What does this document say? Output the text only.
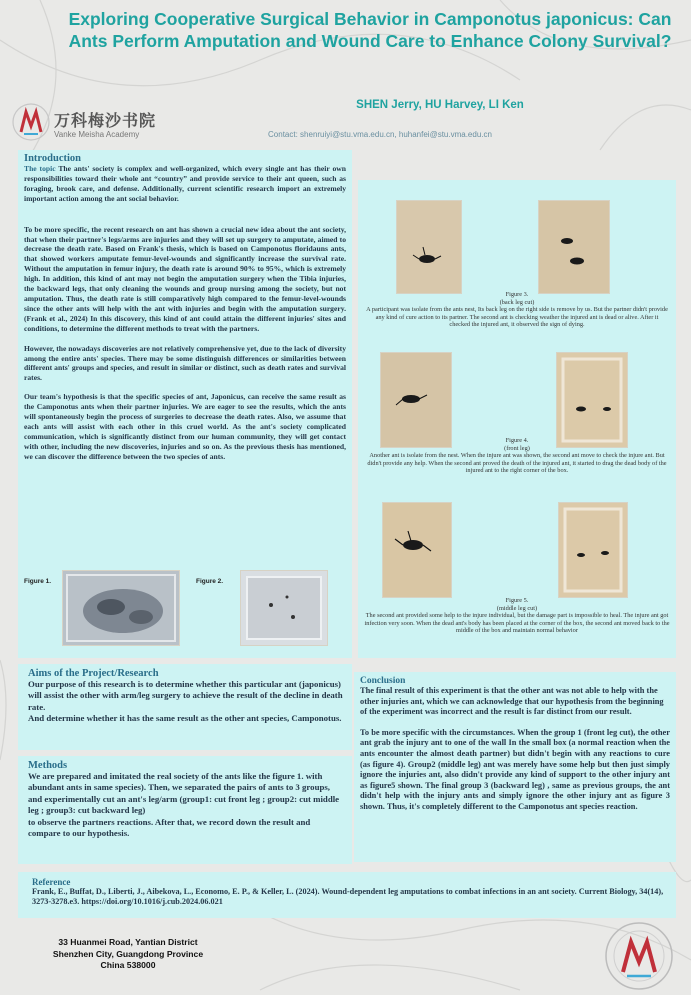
Exploring Cooperative Surgical Behavior in Camponotus japonicus: Can Ants Perform Amputation and Wound Care to Enhance Colony Survival?
万科梅沙书院
Vanke Meisha Academy
SHEN Jerry, HU Harvey, LI Ken
Contact: shenruiyi@stu.vma.edu.cn, huhanfei@stu.vma.edu.cn
Introduction

The topic The ants' society is complex and well-organized, which every single ant has their own responsibilities toward their whole ant “country” and provide service to their ant queen, such as foraging, brook care, and defense. Additionally, current scientific research import an extremely important action among the ant social behavior.

To be more specific, the recent research on ant has shown a crucial new idea about the ant society, that when their partner's legs/arms are injuries and they will set up surgery to amputate, aimed to decrease the death rate. Based on Frank's thesis, which is based on Camponotus floridauns ants, that showed workers amputate femur-level-wounds and significantly increase the survival rate. Without the amputation in femur injury, the death rate is around 90% to 95%, which is extremely high. In addition, this kind of ant may not begin the amputation surgery when the Tibia injuries, the backward legs, that only cleaning the wounds and group nursing among the society, but not amputation. Thus, the death rate is still comparatively high compared to the femur-level-wounds since the other ants will help with the ant with injuries and begin with the amputation surgery. (Frank et al., 2024) In this discovery, this kind of ant could attain the different injuries' sites and conditions, to determine the different methods to treat with the partners.

However, the nowadays discoveries are not relatively comprehensive yet, due to the lack of diversity among the entire ants' species. There may be some distinguish differences or similarities between different ants' groups and species, and result in similar or distinct, such as death rates and survival rates.

Our team's hypothesis is that the specific species of ant, Japonicus, can receive the same result as the Camponotus ants when their partner injuries. We are eager to see the results, which the ants will spontaneously begin the process of surgeries to decrease the death rates. Also, we assume that each ants will assist with each other in this cruel world. As the ant's society complicated communication, which is significantly distinct from our human community, they will get contact with other, including the new discoveries, injuries and so on. As the previous thesis has mentioned, we can discover the difference between the two species of ants.

Figure 1.	Figure 2.
Figure 3.
(back leg cut)
A participant was isolate from the ants nest, Its back leg on the right side is remove by us. But the partner didn't provide any kind of cure action to its partner. The second ant is checking weather the injured ant is dead or alive. After it checked the injured ant, it observed the sign of dying.
Figure 4.
(front leg)
Another ant is isolate from the nest. When the injure ant was shown, the second ant move to check the injure ant. But didn't provide any help. When the second ant proved the death of the injured ant, it started to drag the dead body of the injured ant to the right corner of the box.
Figure 5.
(middle leg cut)
The second ant provided some help to the injure individual, but the damage part is impossible to heal. The injure ant got infection very soon. When the dead ant's body has been placed at the corner of the box, the second ant moved back to the middle of the box and maintain normal behavior
Aims of the Project/Research

Our purpose of this research is to determine whether this particular ant (japonicus) will assist the other with arm/leg surgery to achieve the result of the decline in death rate.

And determine whether it has the same result as the other ant species, Camponotus.

Methods

We are prepared and imitated the real society of the ants like the figure 1. with abundant ants in same species). Then, we separated the pairs of ants to 3 groups, and experimentally cut an ant's leg/arm (group1: cut front leg ; group2: cut middle leg ; group3: cut backward leg)

to observe the partners reactions. After that, we record down the result and compare to our hypothesis.

Conclusion

The final result of this experiment is that the other ant was not able to help with the other injuries ant, which we can acknowledge that our hypothesis from the beginning of the experiment was incorrect and the result is far distinct from our result.

To be more specific with the circumstances. When the group 1 (front leg cut), the other ant grab the injury ant to one of the wall In the small box (a normal reaction when the ants encounter the almost death partner) but didn't begin with any reactions to cure (as figure 4). Group2 (middle leg) ant was merely have some help but then just simply ignore the injuries ant, also didn't provide any kind of support to the other injury ant as figure5 shown. The final group 3 (backward leg) , same as previous groups, the ant didn't help with the injury ants and simply ignore the other injury ant as figure 3 shown. Thus, it's completely different to the Camponotus ant species reaction.

Reference

Frank, E., Buffat, D., Liberti, J., Aibekova, L., Economo, E. P., & Keller, L. (2024). Wound-dependent leg amputations to combat infections in an ant society. Current Biology, 34(14), 3273-3278.e3. https://doi.org/10.1016/j.cub.2024.06.021

33 Huanmei Road, Yantian District
Shenzhen City, Guangdong Province
China 538000
